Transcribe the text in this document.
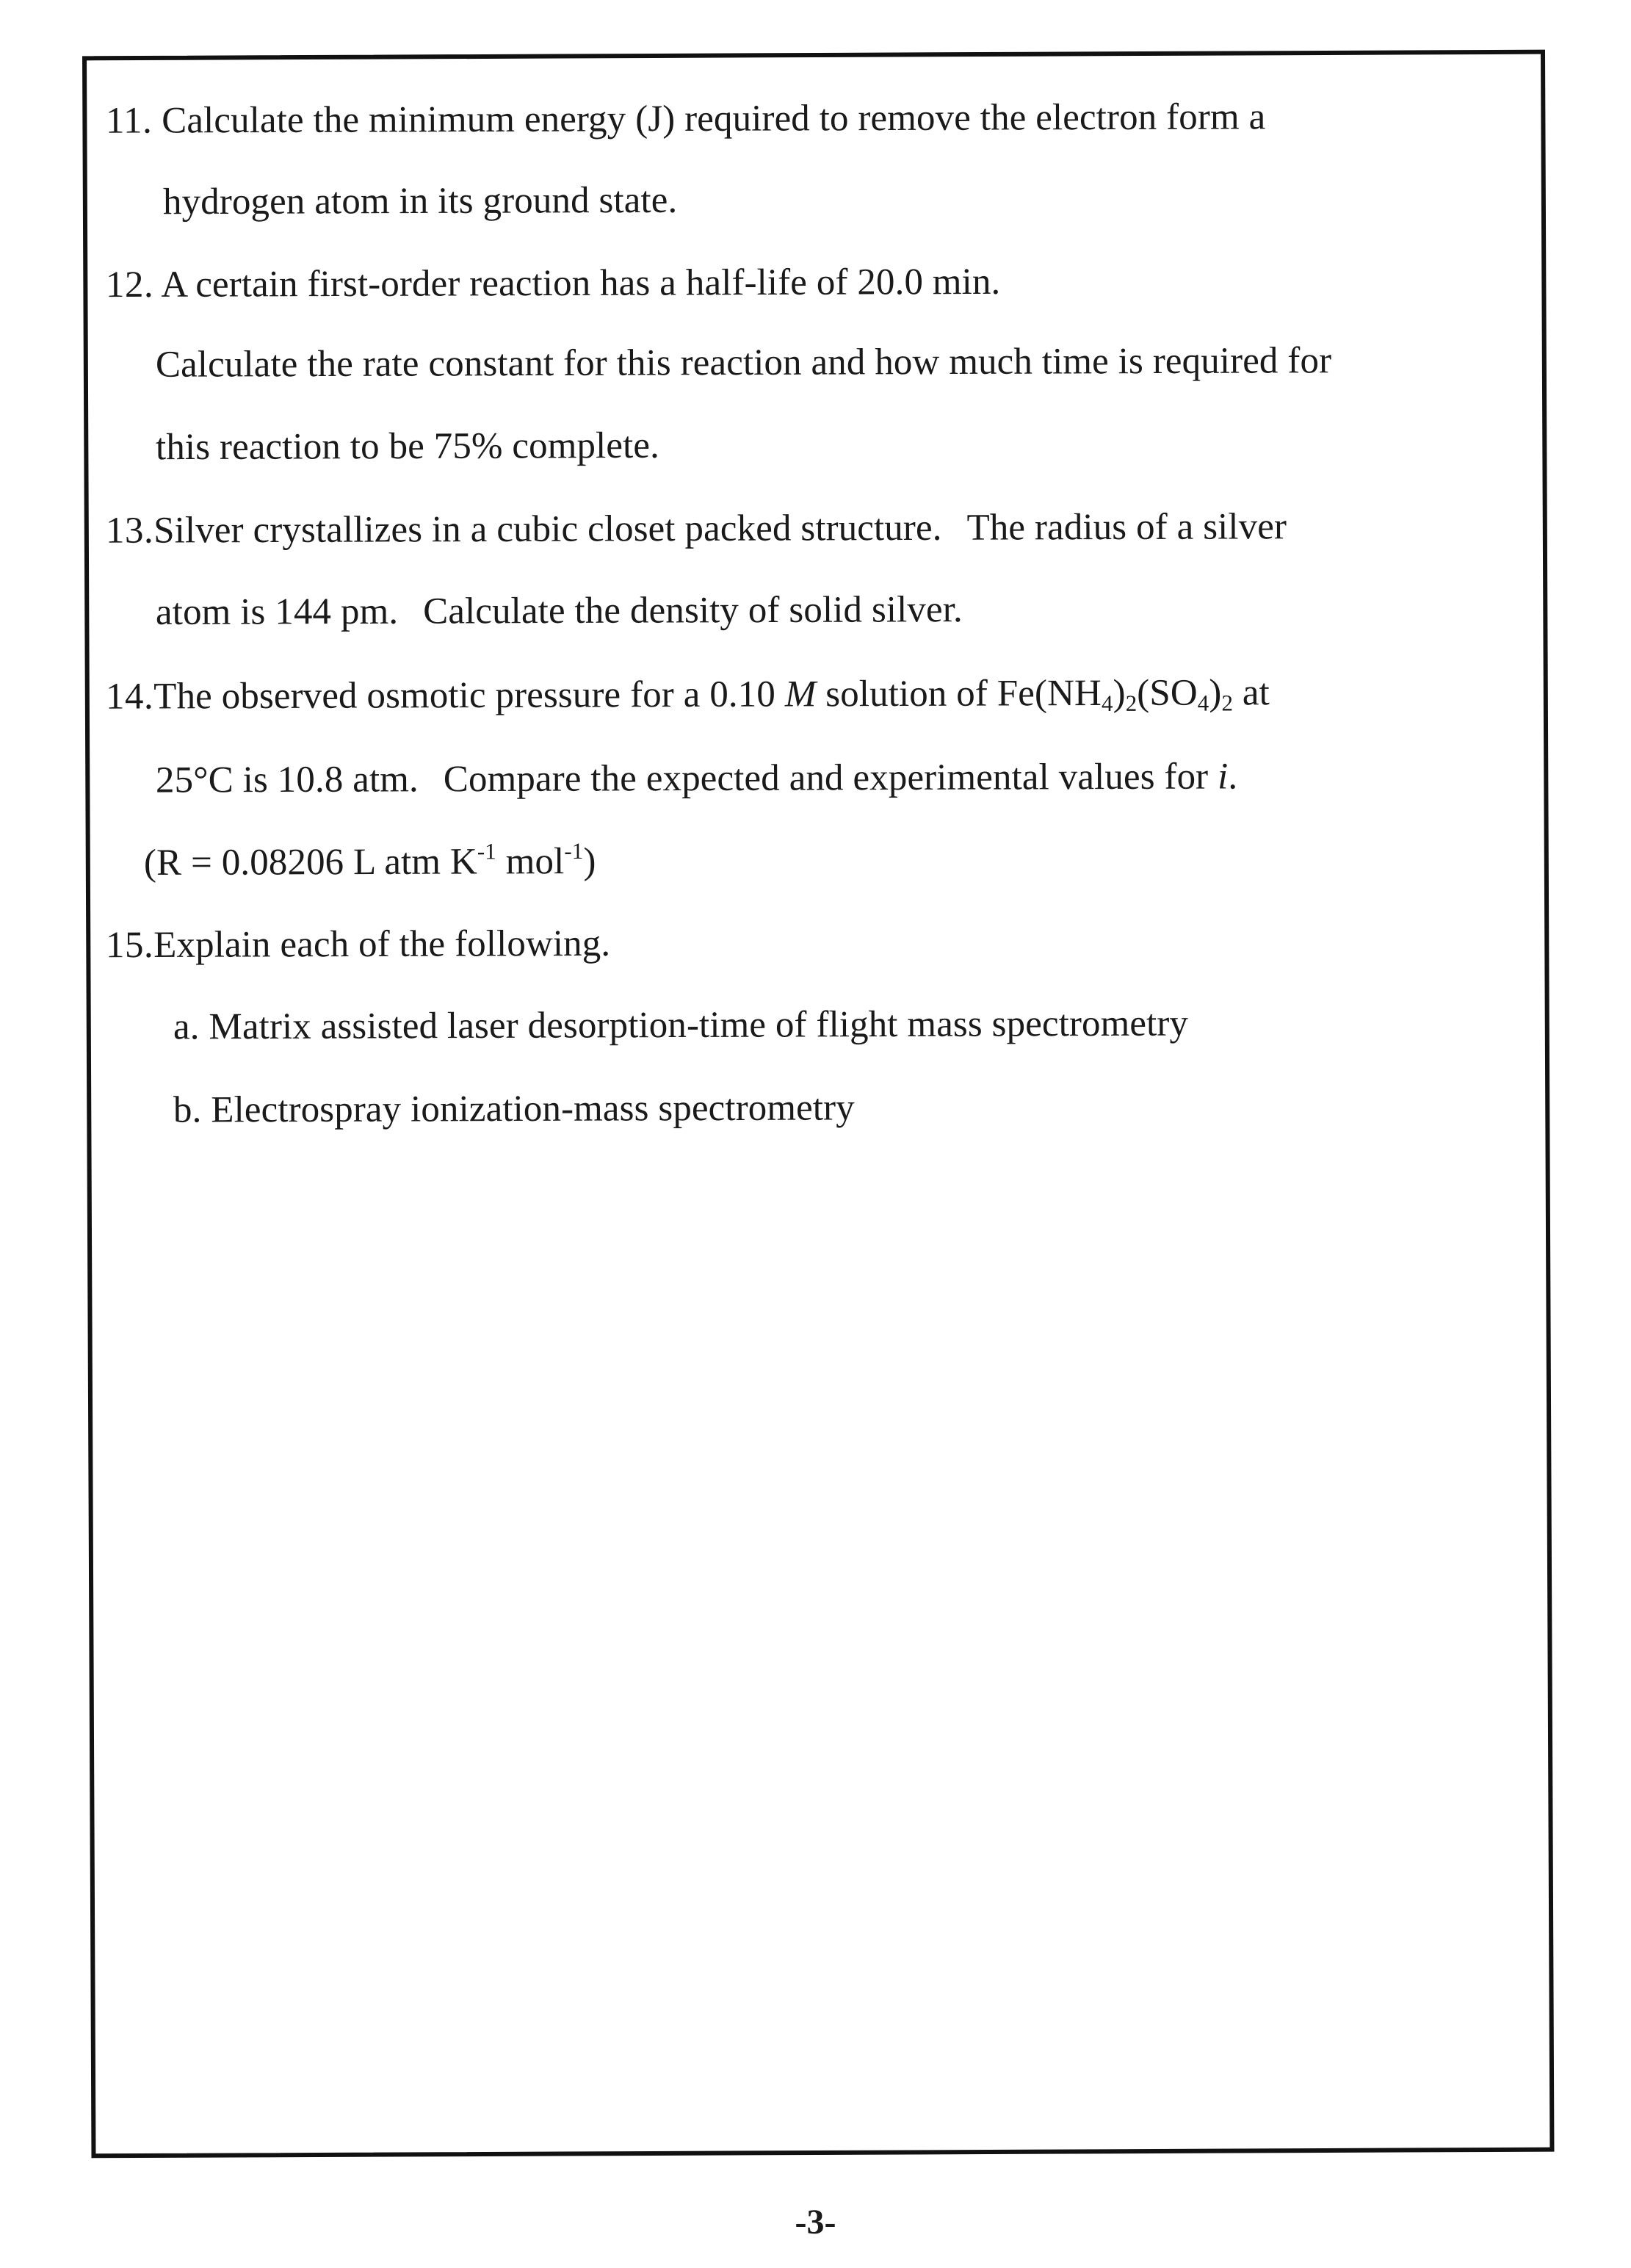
11. Calculate the minimum energy (J) required to remove the electron form a
hydrogen atom in its ground state.
12. A certain first-order reaction has a half-life of 20.0 min.
Calculate the rate constant for this reaction and how much time is required for
this reaction to be 75% complete.
13.Silver crystallizes in a cubic closet packed structure. The radius of a silver
atom is 144 pm. Calculate the density of solid silver.
14.The observed osmotic pressure for a 0.10 M solution of $Fe(NH_4)_2(SO_4)_2$ at
25°C is 10.8 atm. Compare the expected and experimental values for i.
(R = 0.08206 L atm $K^{-1}$ mol$^{-1}$)
15.Explain each of the following.
a. Matrix assisted laser desorption-time of flight mass spectrometry
b. Electrospray ionization-mass spectrometry
-3-
